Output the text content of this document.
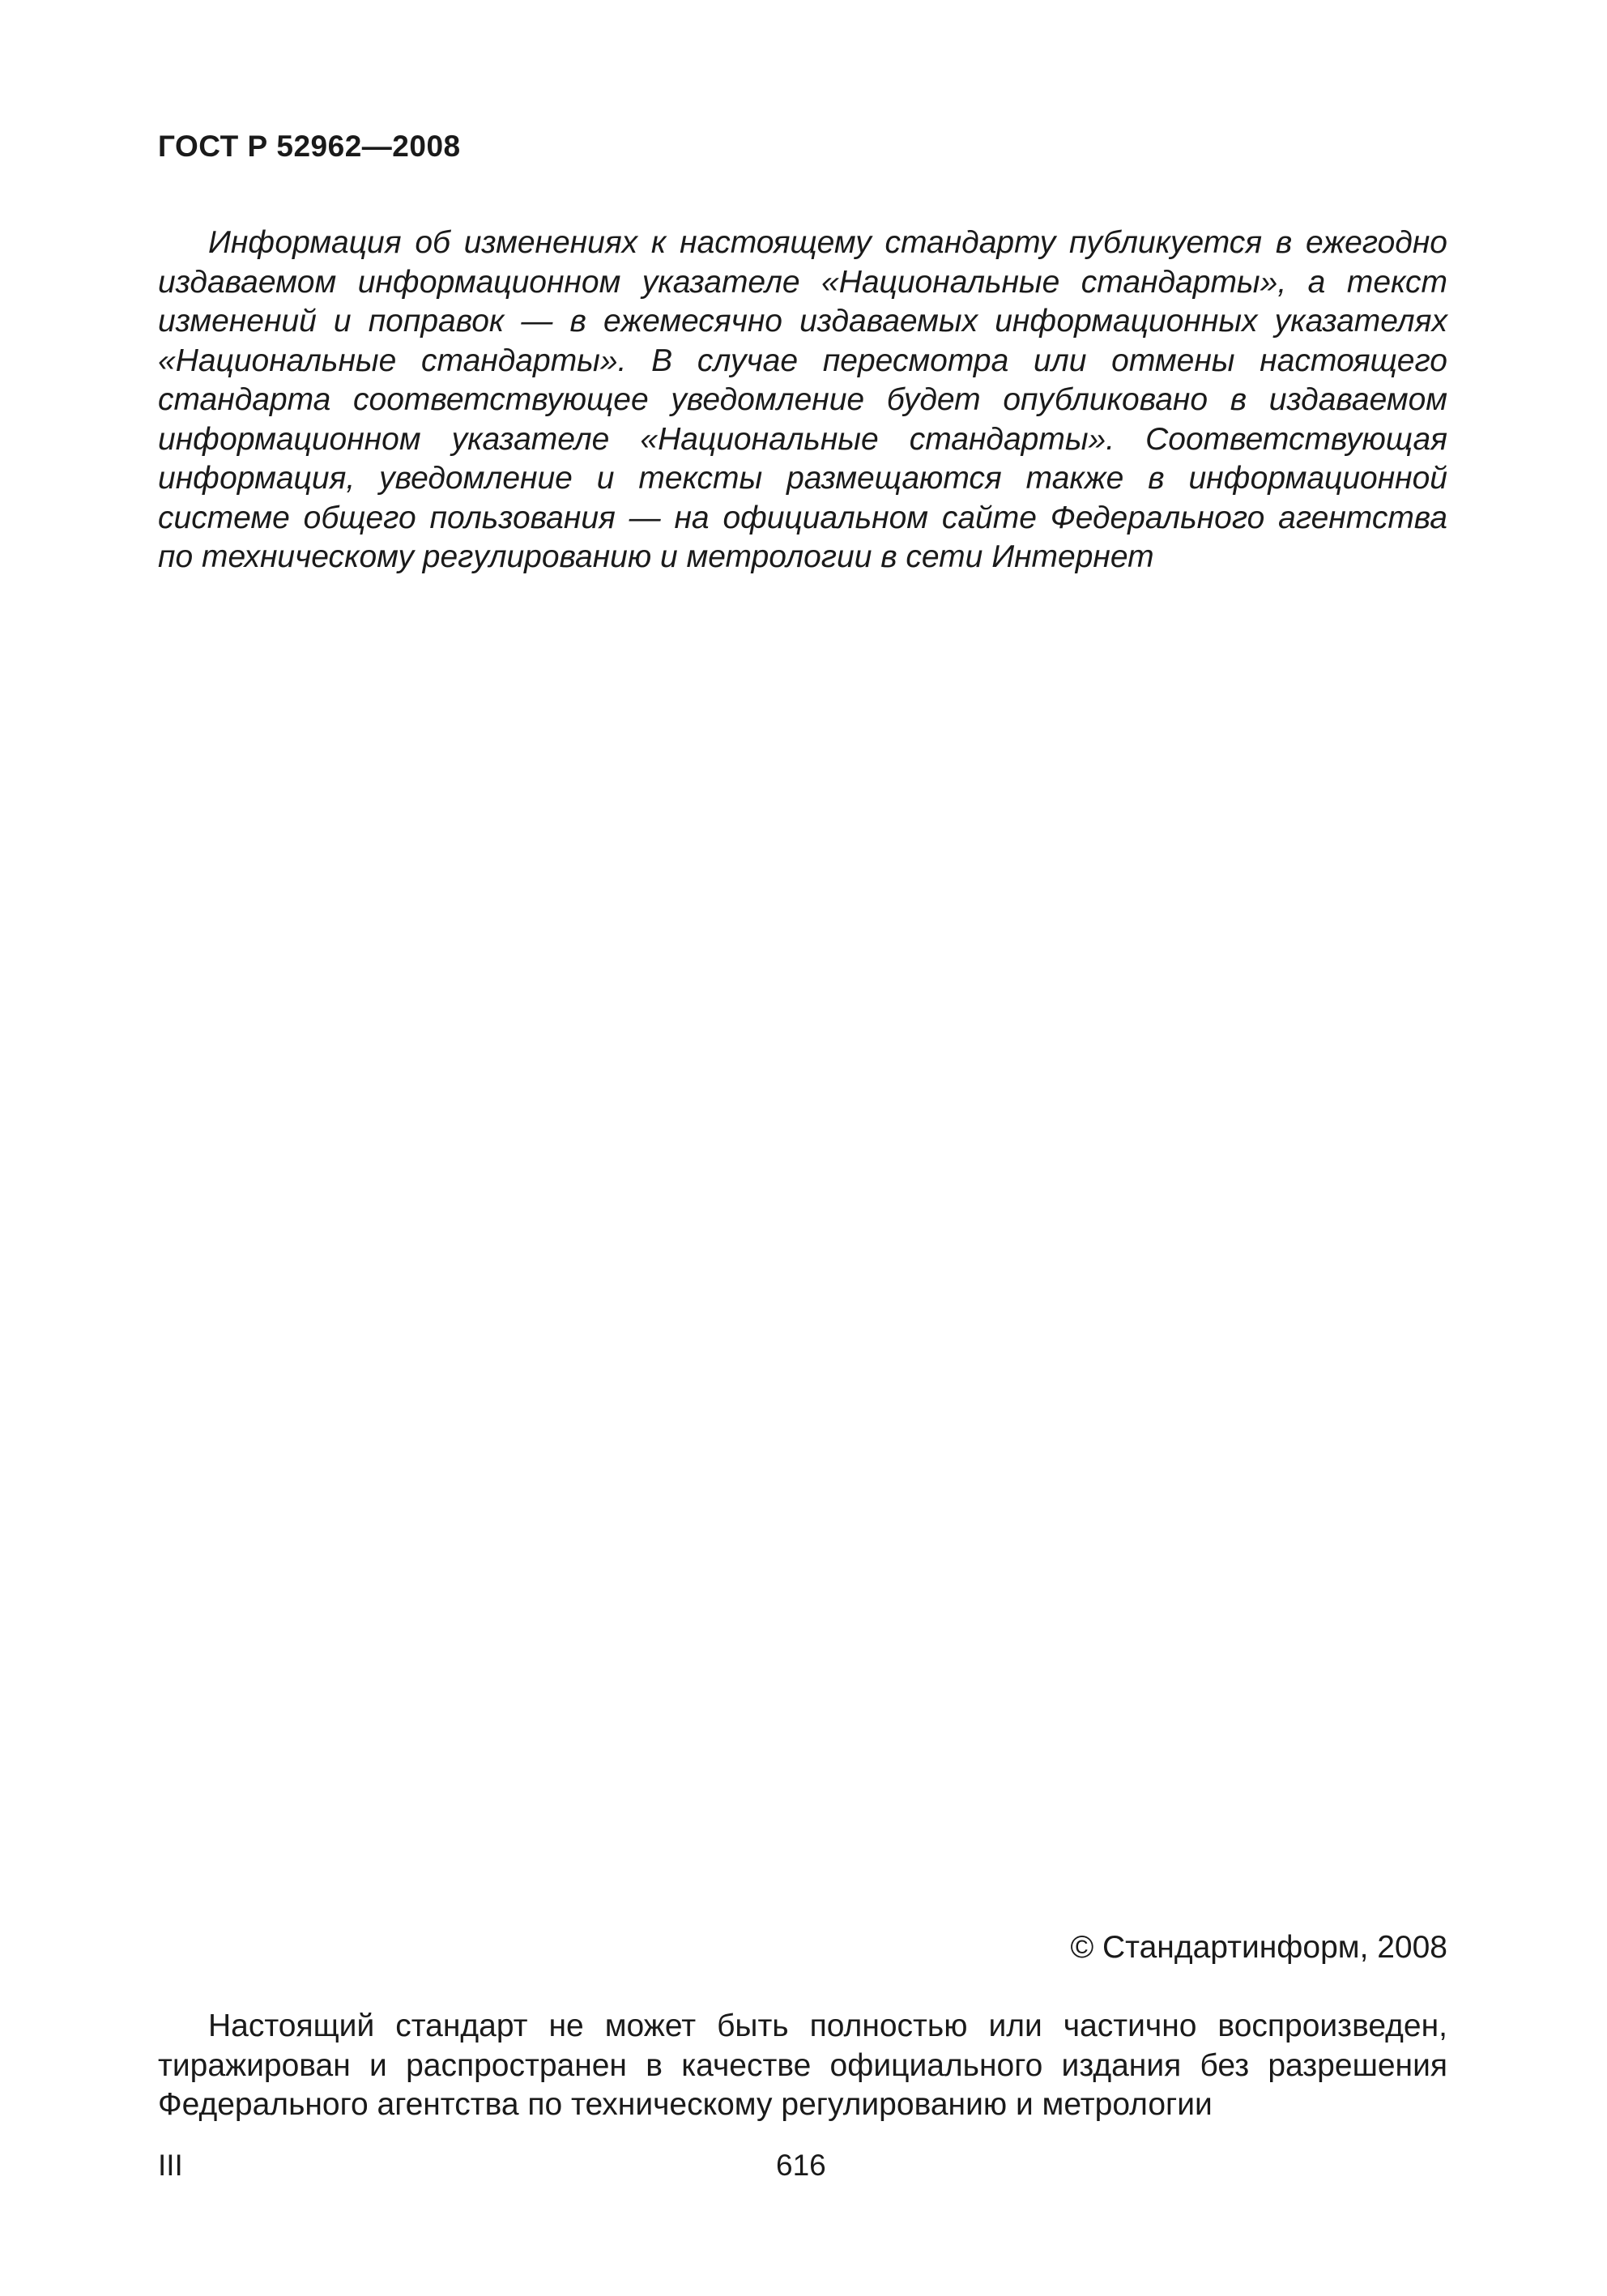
ГОСТ Р 52962—2008

Информация об изменениях к настоящему стандарту публикуется в ежегодно издаваемом информационном указателе «Национальные стандарты», а текст изменений и поправок — в ежемесячно издаваемых информационных указателях «Национальные стандарты». В случае пересмотра или отмены настоящего стандарта соответствующее уведомление будет опубликовано в издаваемом информационном указателе «Национальные стандарты». Соответствующая информация, уведомление и тексты размещаются также в информационной системе общего пользования — на официальном сайте Федерального агентства по техническому регулированию и метрологии в сети Интернет

© Стандартинформ, 2008

Настоящий стандарт не может быть полностью или частично воспроизведен, тиражирован и распространен в качестве официального издания без разрешения Федерального агентства по техническому регулированию и метрологии

III	616
